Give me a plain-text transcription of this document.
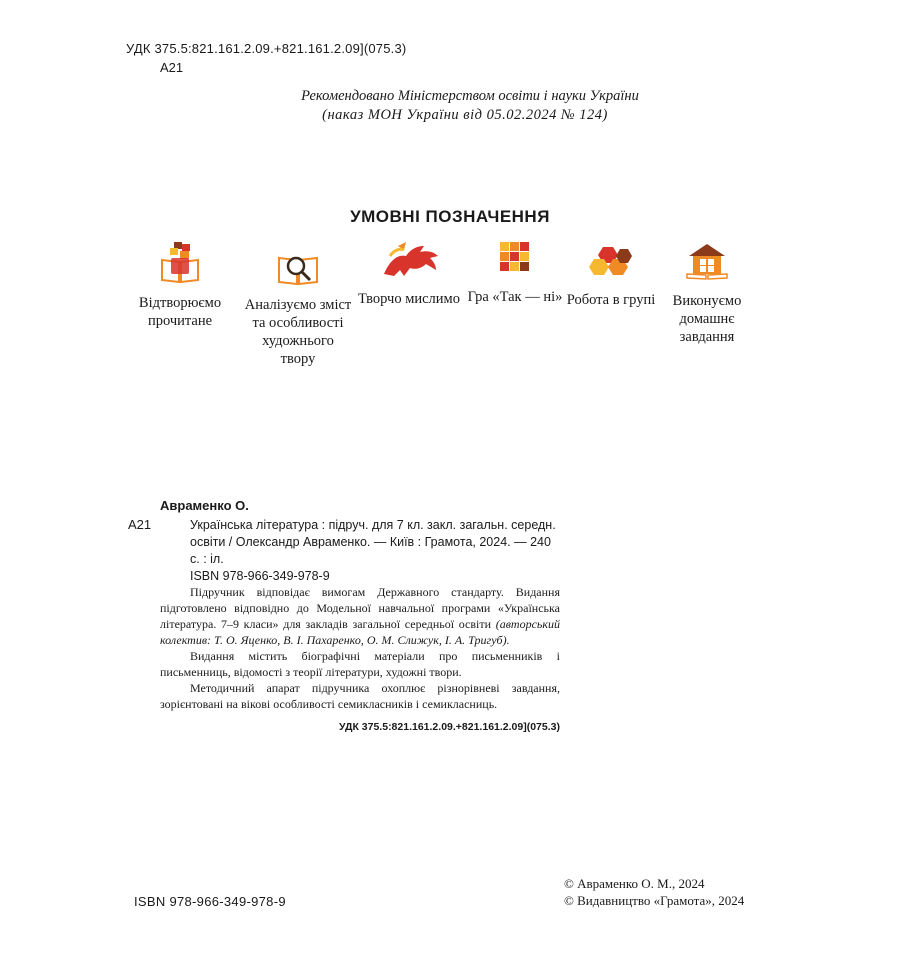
УДК 375.5:821.161.2.09.+821.161.2.09](075.3)
А21
Рекомендовано Міністерством освіти і науки України
(наказ МОН України від 05.02.2024 № 124)
УМОВНІ ПОЗНАЧЕННЯ
Відтворюємо прочитане
Аналізуємо зміст та особливості художнього твору
Творчо мислимо Гра «Так — ні» Робота в групі	Виконуємо домашнє завдання
Авраменко О.
А21	Українська література : підруч. для 7 кл. закл. загальн. середн. освіти / Олександр Авраменко. — Київ : Грамота, 2024. — 240 с. : іл.
ISBN 978-966-349-978-9

Підручник відповідає вимогам Державного стандарту. Видання підготовлено відповідно до Модельної навчальної програми «Українська література. 7–9 класи» для закладів загальної середньої освіти (авторський колектив: Т. О. Яценко, В. І. Пахаренко, О. М. Слижук, І. А. Тригуб).

Видання містить біографічні матеріали про письменників і письменниць, відомості з теорії літератури, художні твори.

Методичний апарат підручника охоплює різнорівневі завдання, зорієнтовані на вікові особливості семикласників і семикласниць.

УДК 375.5:821.161.2.09.+821.161.2.09](075.3)
ISBN 978-966-349-978-9
© Авраменко О. М., 2024
© Видавництво «Грамота», 2024
